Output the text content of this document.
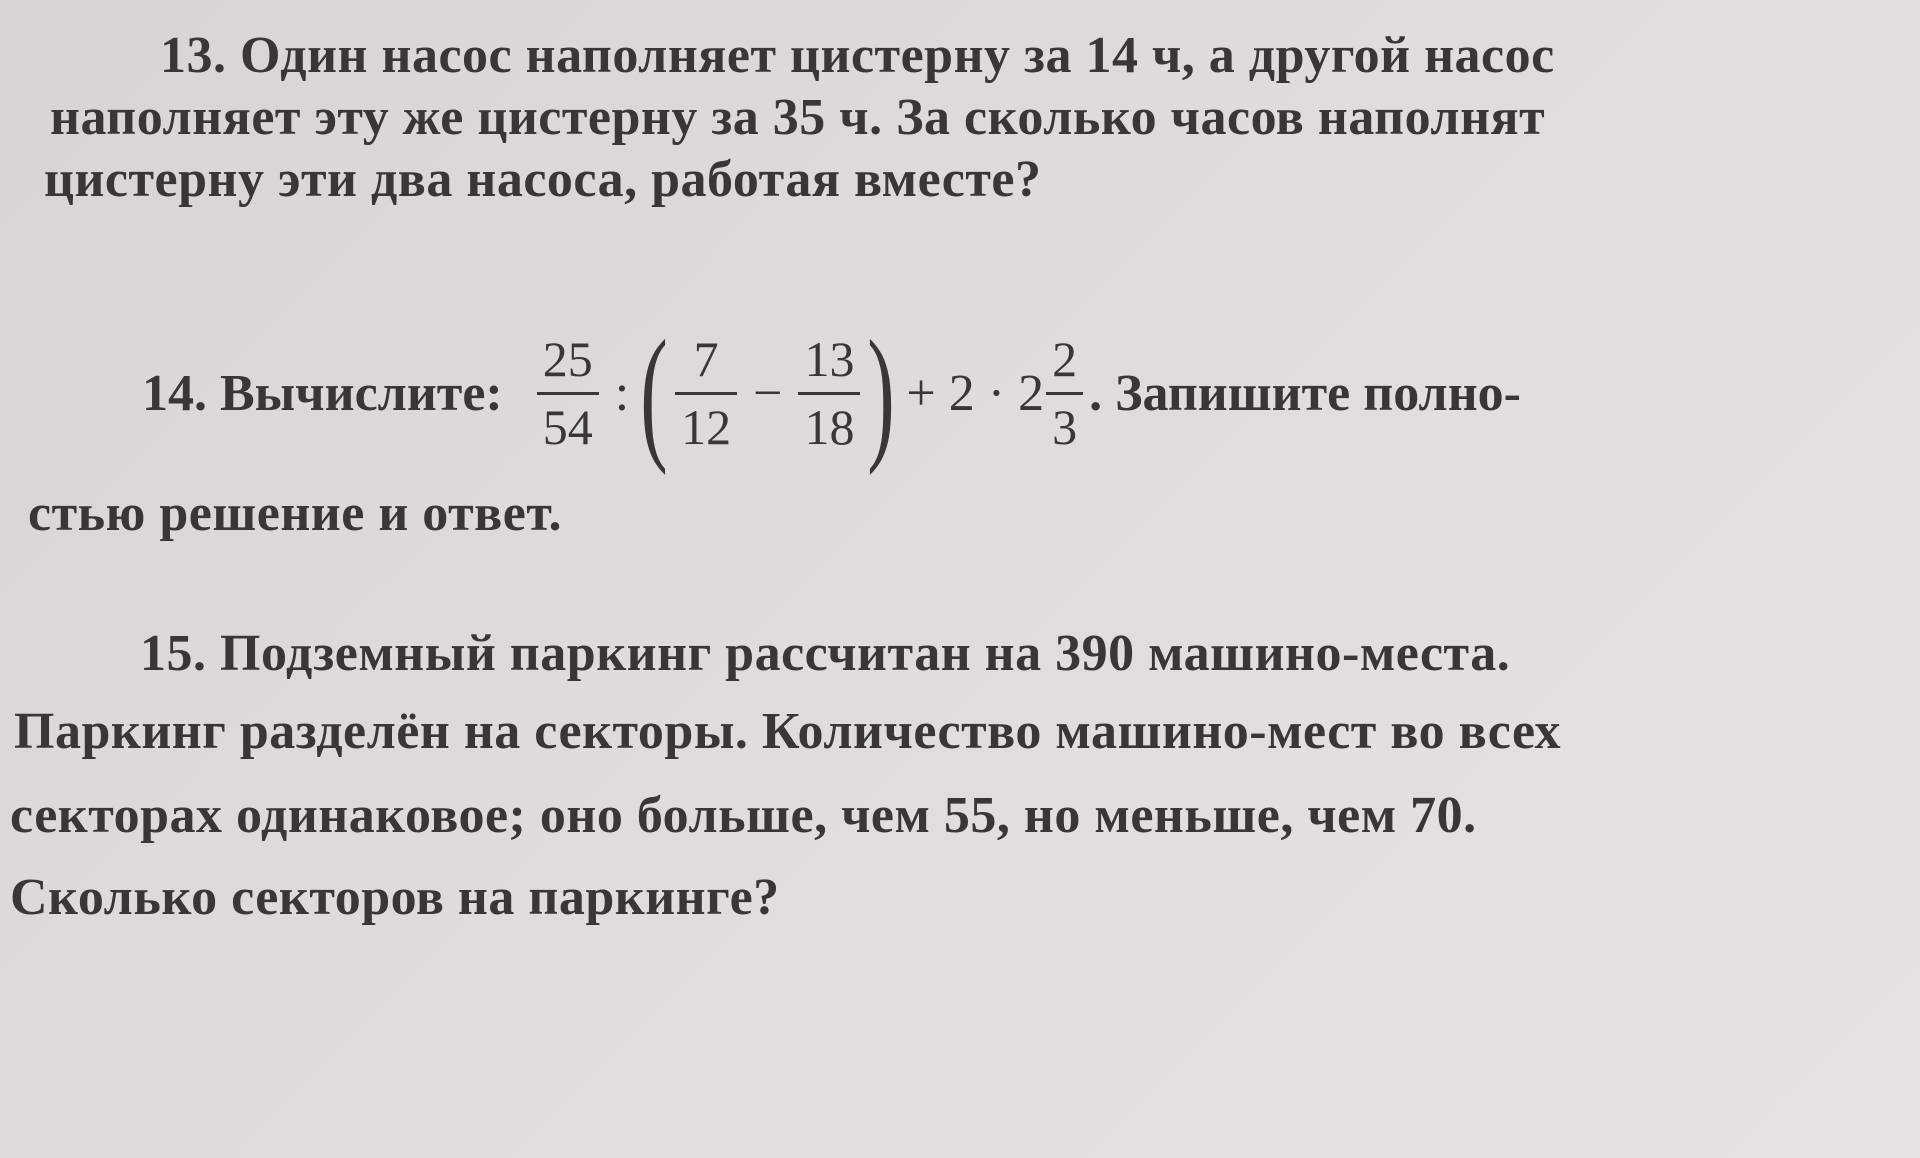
13. Один насос наполняет цистерну за 14 ч, а другой насос
наполняет эту же цистерну за 35 ч. За сколько часов наполнят
цистерну эти два насоса, работая вместе?
14. Вычислите: $\frac{25}{54}$ : ( $\frac{7}{12} - \frac{13}{18}$ ) + $2 \cdot 2 \frac{2}{3}$ . Запишите полно-
стью решение и ответ.
15. Подземный паркинг рассчитан на 390 машино-места.
Паркинг разделён на секторы. Количество машино-мест во всех
секторах одинаковое; оно больше, чем 55, но меньше, чем 70.
Сколько секторов на паркинге?
